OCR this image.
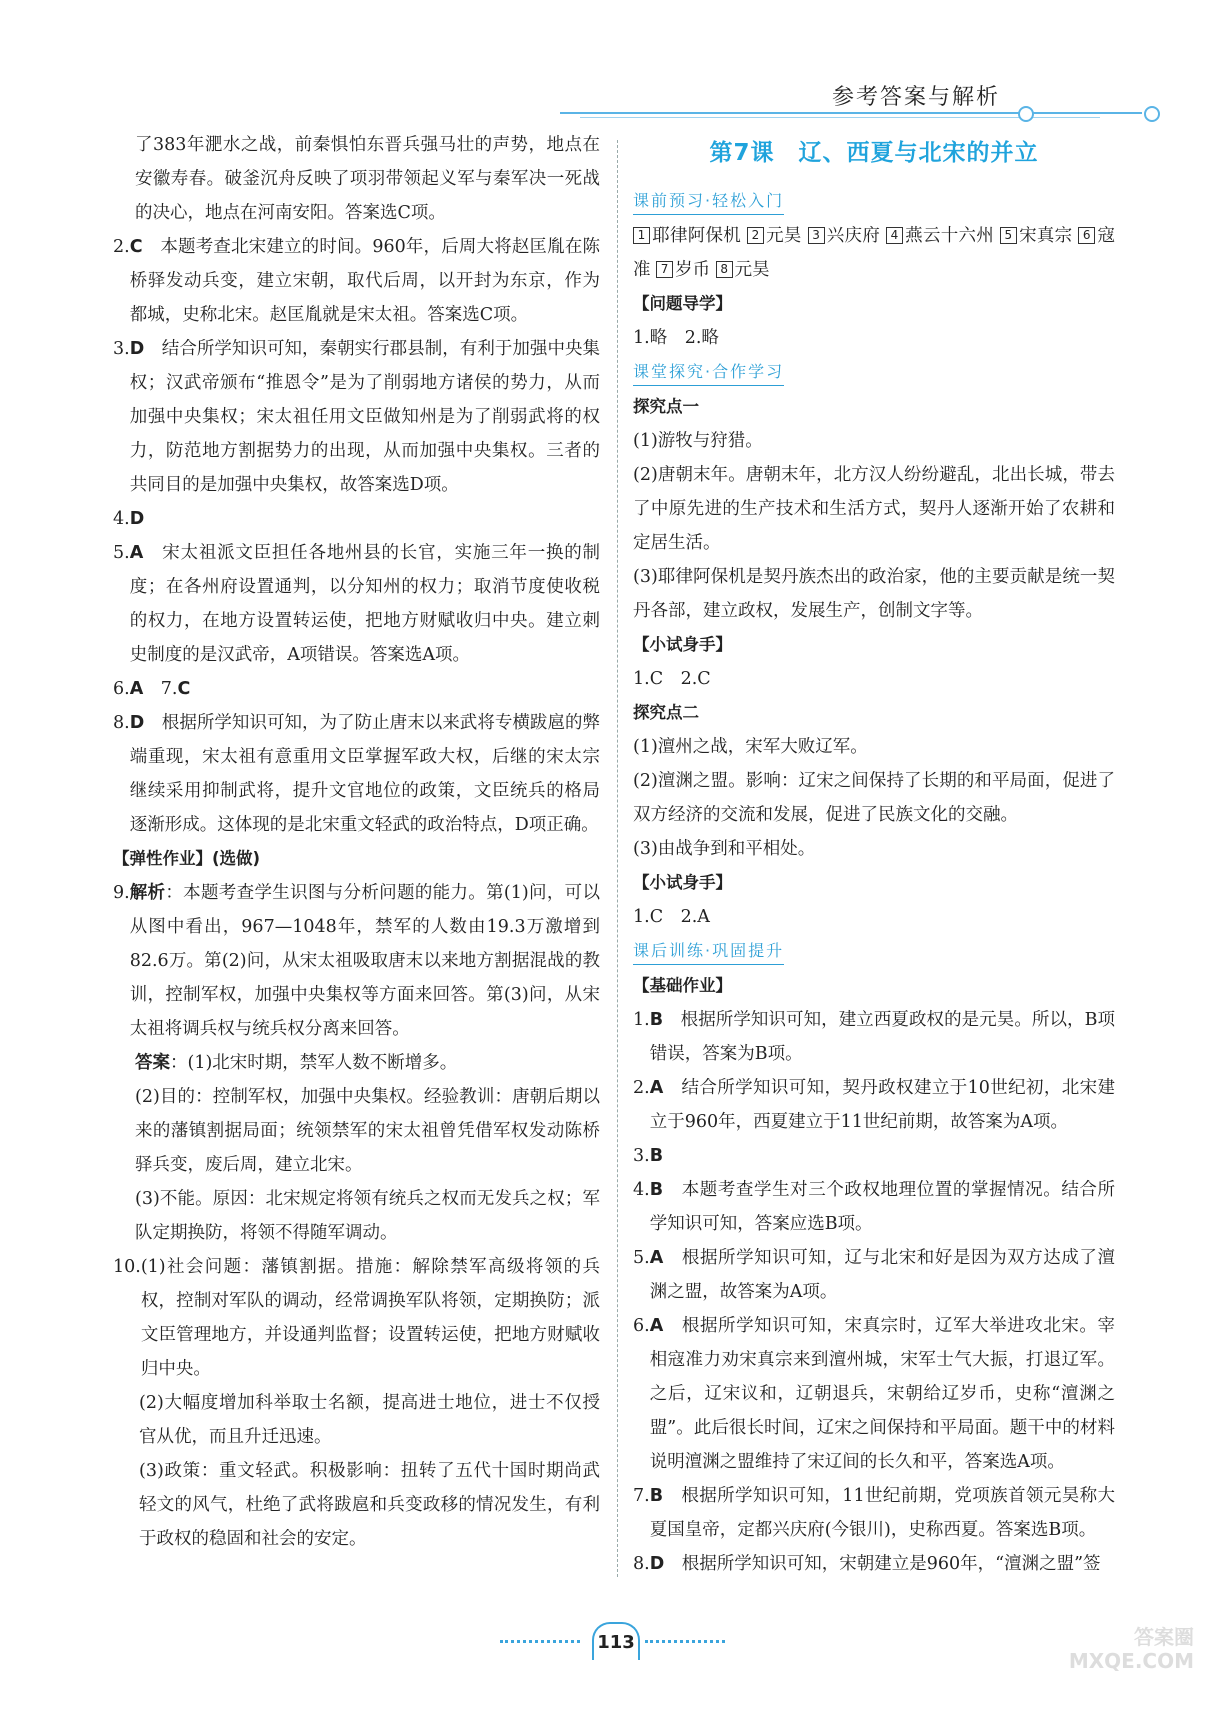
参考答案与解析

了383年淝水之战，前秦惧怕东晋兵强马壮的声势，地点在安徽寿春。破釜沉舟反映了项羽带领起义军与秦军决一死战的决心，地点在河南安阳。答案选C项。

2. C　 本题考查北宋建立的时间。960年，后周大将赵匡胤在陈桥驿发动兵变，建立宋朝，取代后周，以开封为东京，作为都城，史称北宋。赵匡胤就是宋太祖。答案选C项。
3. D　 结合所学知识可知，秦朝实行郡县制，有利于加强中央集权；汉武帝颁布“推恩令”是为了削弱地方诸侯的势力，从而加强中央集权；宋太祖任用文臣做知州是为了削弱武将的权力，防范地方割据势力的出现，从而加强中央集权。三者的共同目的是加强中央集权，故答案选D项。
4. D
5. A　 宋太祖派文臣担任各地州县的长官，实施三年一换的制度；在各州府设置通判，以分知州的权力；取消节度使收税的权力，在地方设置转运使，把地方财赋收归中央。建立刺史制度的是汉武帝，A项错误。答案选A项。
6. A　 7.C
8. D　 根据所学知识可知，为了防止唐末以来武将专横跋扈的弊端重现，宋太祖有意重用文臣掌握军政大权，后继的宋太宗继续采用抑制武将，提升文官地位的政策，文臣统兵的格局逐渐形成。这体现的是北宋重文轻武的政治特点，D项正确。
【弹性作业】(选做)
9. 解析：本题考查学生识图与分析问题的能力。第(1)问，可以从图中看出，967—1048年，禁军的人数由19.3万激增到82.6万。第(2)问，从宋太祖吸取唐末以来地方割据混战的教训，控制军权，加强中央集权等方面来回答。第(3)问，从宋太祖将调兵权与统兵权分离来回答。

答案：(1)北宋时期，禁军人数不断增多。

(2)目的：控制军权，加强中央集权。经验教训：唐朝后期以来的藩镇割据局面；统领禁军的宋太祖曾凭借军权发动陈桥驿兵变，废后周，建立北宋。

(3)不能。原因：北宋规定将领有统兵之权而无发兵之权；军队定期换防，将领不得随军调动。

10. (1)社会问题：藩镇割据。措施：解除禁军高级将领的兵权，控制对军队的调动，经常调换军队将领，定期换防；派文臣管理地方，并设通判监督；设置转运使，把地方财赋收归中央。

(2)大幅度增加科举取士名额，提高进士地位，进士不仅授官从优，而且升迁迅速。

(3)政策：重文轻武。积极影响：扭转了五代十国时期尚武轻文的风气，杜绝了武将跋扈和兵变政移的情况发生，有利于政权的稳固和社会的安定。

第7课　辽、西夏与北宋的并立
课前预习·轻松入门

1 耶律阿保机 2 元昊 3 兴庆府 4 燕云十六州 5 宋真宗 6 寇准 7 岁币 8 元昊

【问题导学】
1.略　2.略
课堂探究·合作学习
探究点一

(1)游牧与狩猎。

(2)唐朝末年。唐朝末年，北方汉人纷纷避乱，北出长城，带去了中原先进的生产技术和生活方式，契丹人逐渐开始了农耕和定居生活。

(3)耶律阿保机是契丹族杰出的政治家，他的主要贡献是统一契丹各部，建立政权，发展生产，创制文字等。

【小试身手】
1.C　2.C
探究点二

(1)澶州之战，宋军大败辽军。

(2)澶渊之盟。影响：辽宋之间保持了长期的和平局面，促进了双方经济的交流和发展，促进了民族文化的交融。

(3)由战争到和平相处。

【小试身手】
1.C　2.A
课后训练·巩固提升
【基础作业】
1. B　 根据所学知识可知，建立西夏政权的是元昊。所以，B项错误，答案为B项。
2. A　 结合所学知识可知，契丹政权建立于10世纪初，北宋建立于960年，西夏建立于11世纪前期，故答案为A项。
3. B
4. B　 本题考查学生对三个政权地理位置的掌握情况。结合所学知识可知，答案应选B项。
5. A　 根据所学知识可知，辽与北宋和好是因为双方达成了澶渊之盟，故答案为A项。
6. A　 根据所学知识可知，宋真宗时，辽军大举进攻北宋。宰相寇准力劝宋真宗来到澶州城，宋军士气大振，打退辽军。之后，辽宋议和，辽朝退兵，宋朝给辽岁币，史称“澶渊之盟”。此后很长时间，辽宋之间保持和平局面。题干中的材料说明澶渊之盟维持了宋辽间的长久和平，答案选A项。
7. B　 根据所学知识可知，11世纪前期，党项族首领元昊称大夏国皇帝，定都兴庆府(今银川)，史称西夏。答案选B项。
8. D　 根据所学知识可知，宋朝建立是960年，“澶渊之盟”签
113	答案圈
MXQE.COM
